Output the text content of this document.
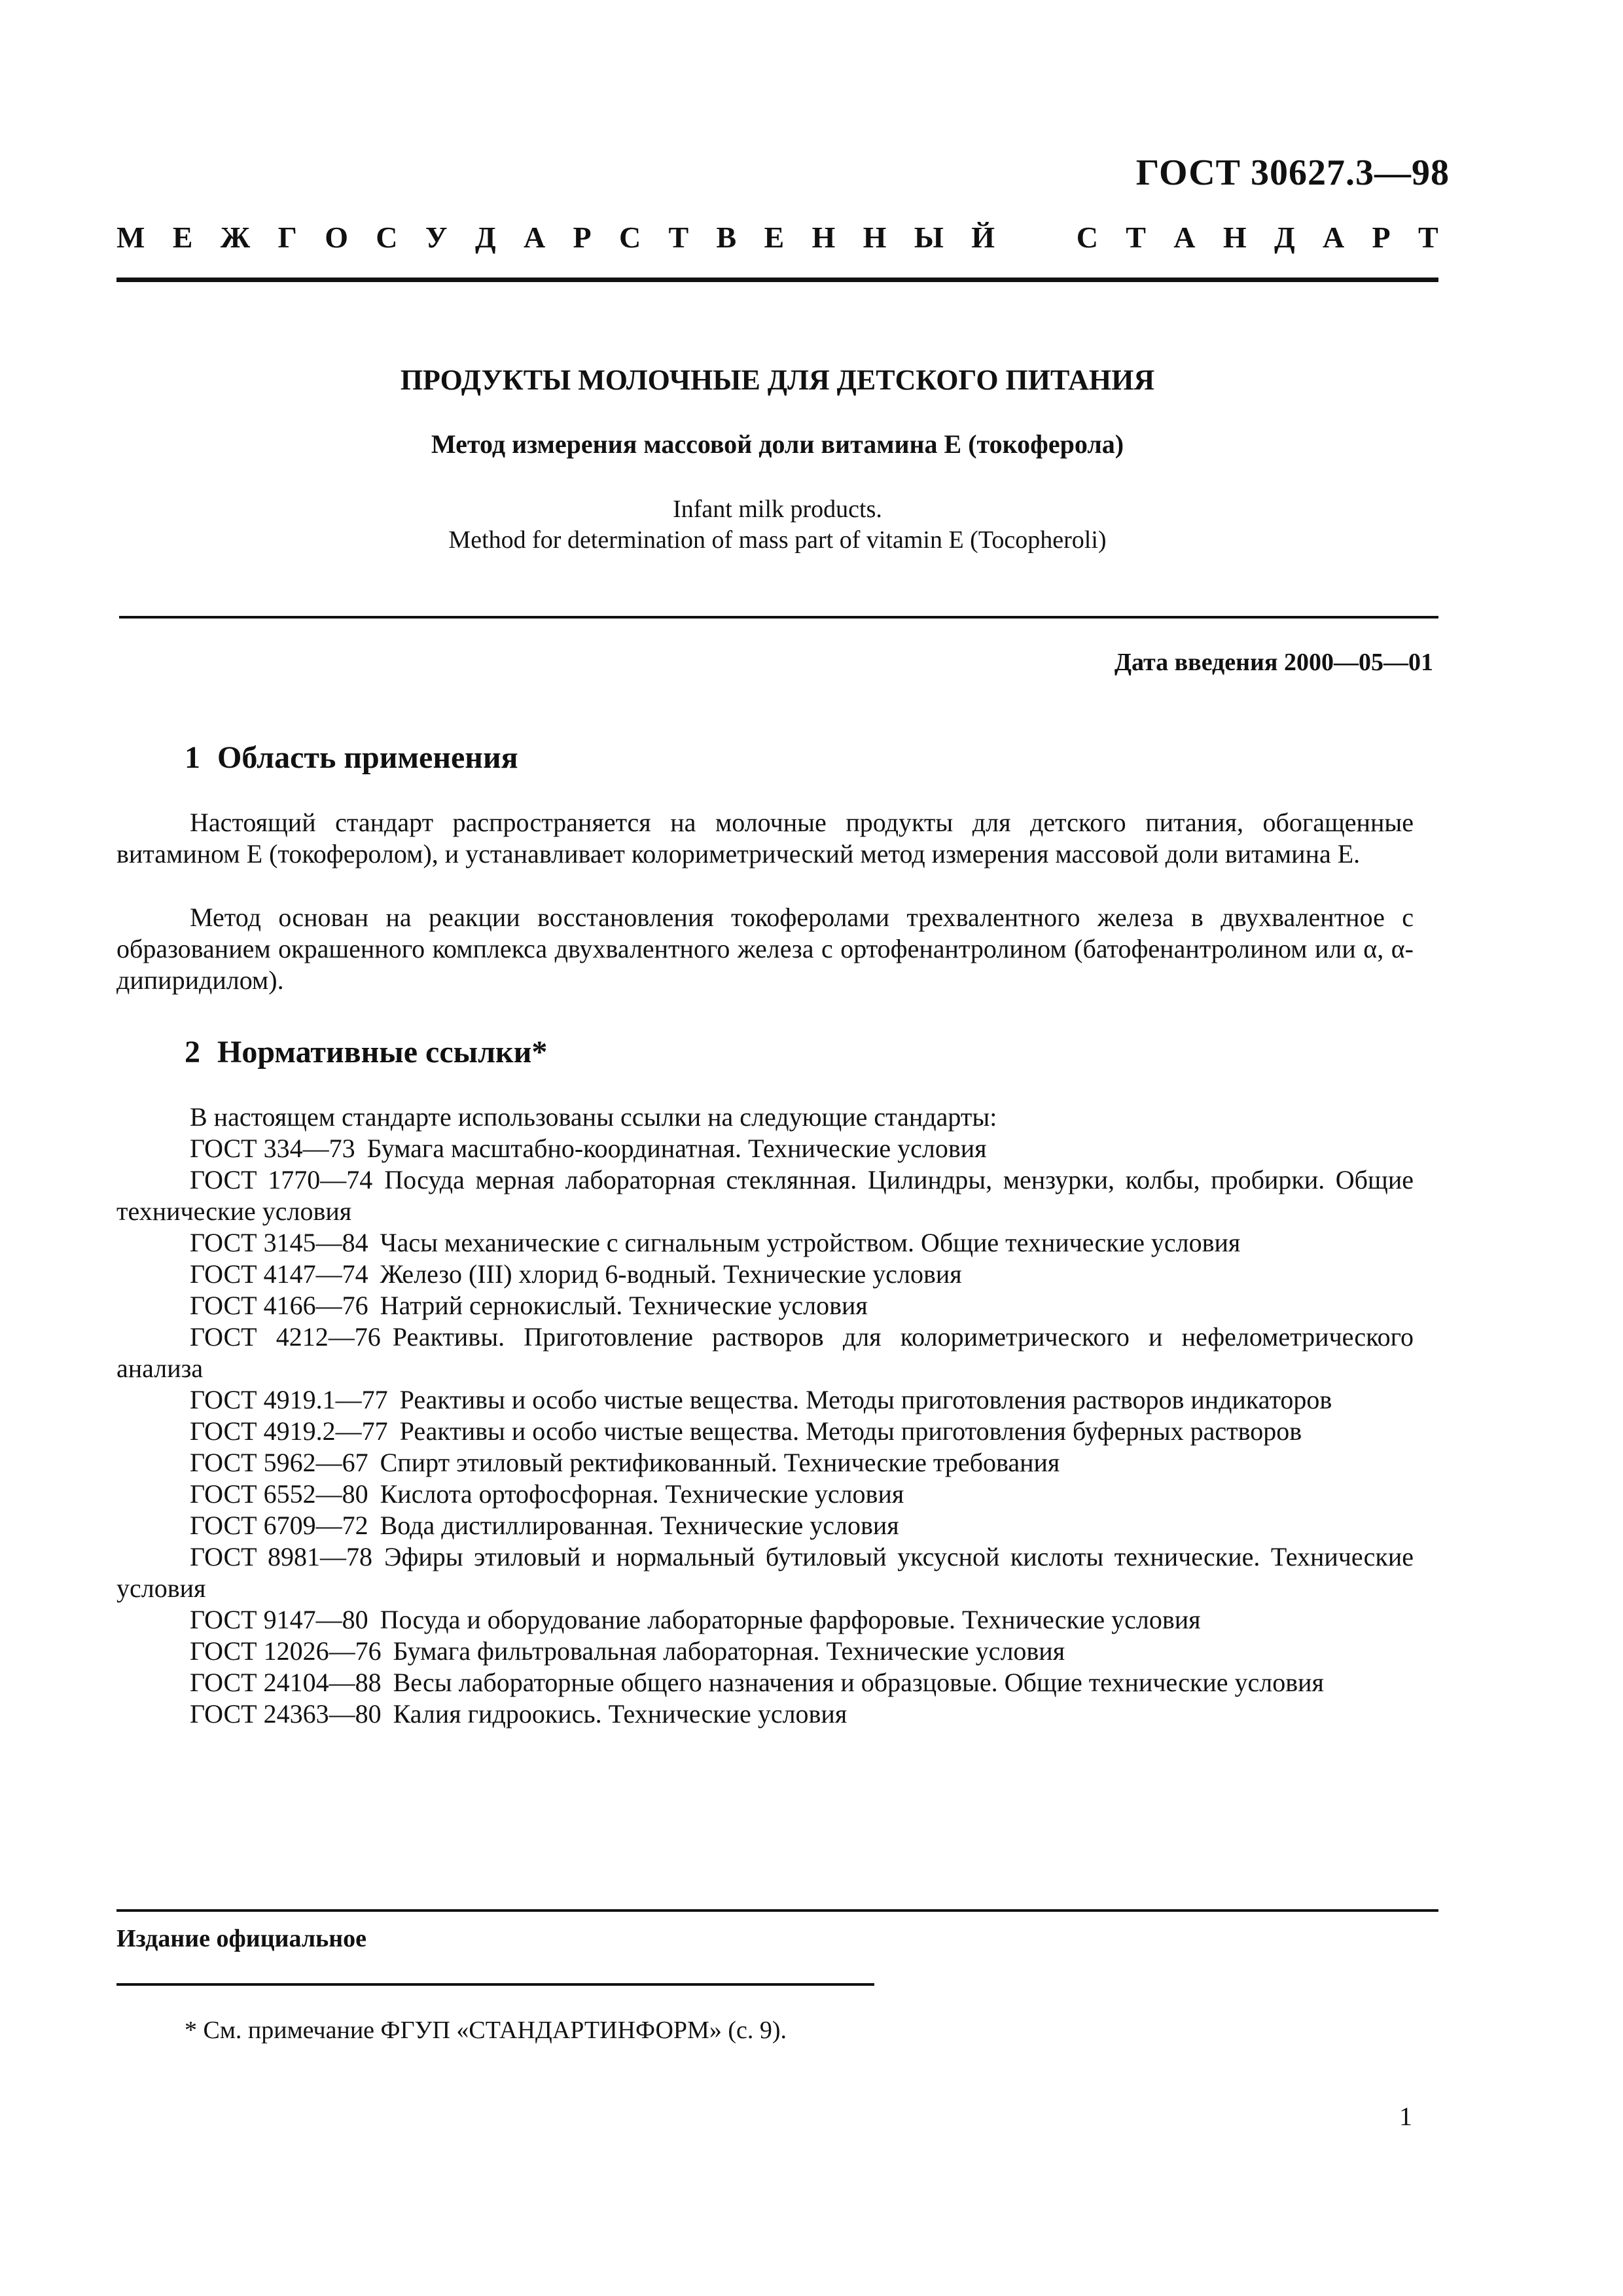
ГОСТ 30627.3—98
М Е Ж Г О С У Д А Р С Т В Е Н Н Ы Й	С Т А Н Д А Р Т
ПРОДУКТЫ МОЛОЧНЫЕ ДЛЯ ДЕТСКОГО ПИТАНИЯ
Метод измерения массовой доли витамина Е (токоферола)
Infant milk products.
Method for determination of mass part of vitamin E (Tocopheroli)
Дата введения 2000—05—01
1 Область применения
Настоящий стандарт распространяется на молочные продукты для детского питания, обогащенные витамином Е (токоферолом), и устанавливает колориметрический метод измерения массовой доли витамина Е.
Метод основан на реакции восстановления токоферолами трехвалентного железа в двухвалентное с образованием окрашенного комплекса двухвалентного железа с ортофенантролином (батофенантролином или α, α-дипиридилом).
2 Нормативные ссылки*
В настоящем стандарте использованы ссылки на следующие стандарты:
ГОСТ 334—73 Бумага масштабно-координатная. Технические условия
ГОСТ 1770—74 Посуда мерная лабораторная стеклянная. Цилиндры, мензурки, колбы, пробирки. Общие технические условия
ГОСТ 3145—84 Часы механические с сигнальным устройством. Общие технические условия
ГОСТ 4147—74 Железо (III) хлорид 6-водный. Технические условия
ГОСТ 4166—76 Натрий сернокислый. Технические условия
ГОСТ 4212—76 Реактивы. Приготовление растворов для колориметрического и нефелометрического анализа
ГОСТ 4919.1—77 Реактивы и особо чистые вещества. Методы приготовления растворов индикаторов
ГОСТ 4919.2—77 Реактивы и особо чистые вещества. Методы приготовления буферных растворов
ГОСТ 5962—67 Спирт этиловый ректификованный. Технические требования
ГОСТ 6552—80 Кислота ортофосфорная. Технические условия
ГОСТ 6709—72 Вода дистиллированная. Технические условия
ГОСТ 8981—78 Эфиры этиловый и нормальный бутиловый уксусной кислоты технические. Технические условия
ГОСТ 9147—80 Посуда и оборудование лабораторные фарфоровые. Технические условия
ГОСТ 12026—76 Бумага фильтровальная лабораторная. Технические условия
ГОСТ 24104—88 Весы лабораторные общего назначения и образцовые. Общие технические условия
ГОСТ 24363—80 Калия гидроокись. Технические условия
Издание официальное
* См. примечание ФГУП «СТАНДАРТИНФОРМ» (с. 9).
1
